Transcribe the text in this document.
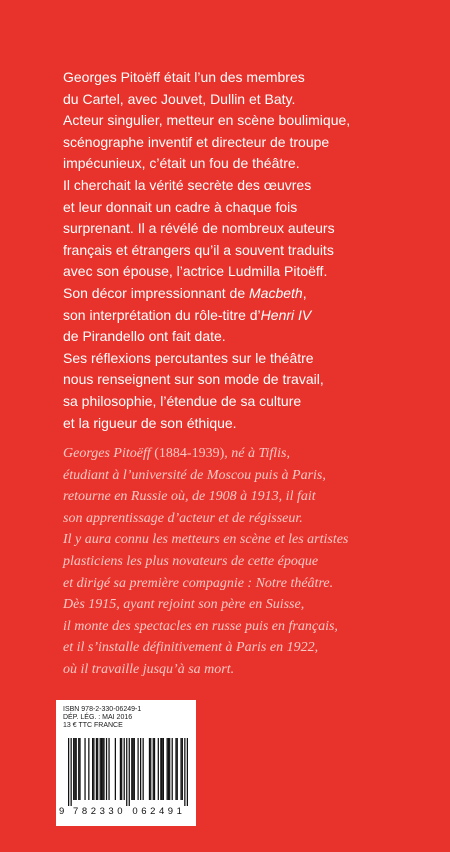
Georges Pitoëff était l’un des membres
du Cartel, avec Jouvet, Dullin et Baty.
Acteur singulier, metteur en scène boulimique,
scénographe inventif et directeur de troupe
impécunieux, c’était un fou de théâtre.
Il cherchait la vérité secrète des œuvres
et leur donnait un cadre à chaque fois
surprenant. Il a révélé de nombreux auteurs
français et étrangers qu’il a souvent traduits
avec son épouse, l’actrice Ludmilla Pitoëff.
Son décor impressionnant de Macbeth,
son interprétation du rôle-titre d’Henri IV
de Pirandello ont fait date.
Ses réflexions percutantes sur le théâtre
nous renseignent sur son mode de travail,
sa philosophie, l’étendue de sa culture
et la rigueur de son éthique.
Georges Pitoëff (1884-1939), né à Tiflis,
étudiant à l’université de Moscou puis à Paris,
retourne en Russie où, de 1908 à 1913, il fait
son apprentissage d’acteur et de régisseur.
Il y aura connu les metteurs en scène et les artistes
plasticiens les plus novateurs de cette époque
et dirigé sa première compagnie : Notre théâtre.
Dès 1915, ayant rejoint son père en Suisse,
il monte des spectacles en russe puis en français,
et il s’installe définitivement à Paris en 1922,
où il travaille jusqu’à sa mort.
ISBN 978-2-330-06249-1
DÉP. LÉG. : MAI 2016
13 € TTC FRANCE
9 7 8 2 3 3 0 0 6 2 4 9 1
